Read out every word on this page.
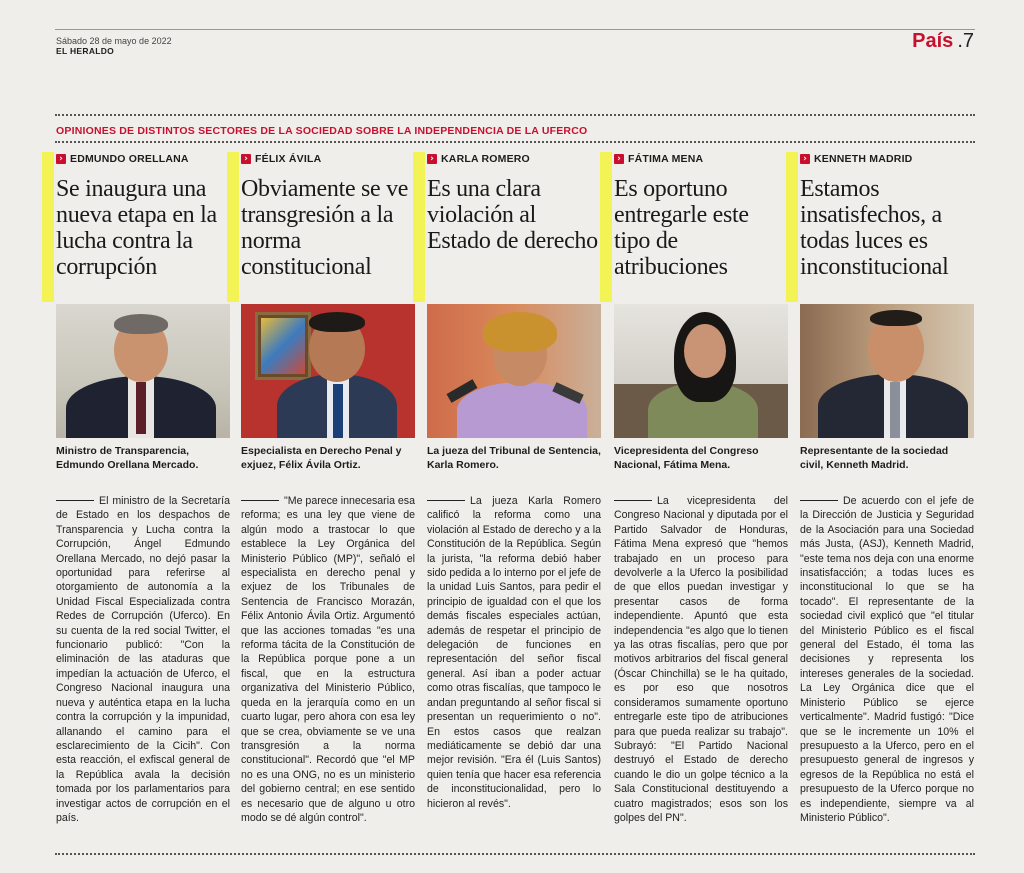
Sábado 28 de mayo de 2022
EL HERALDO	País .7
OPINIONES DE DISTINTOS SECTORES DE LA SOCIEDAD SOBRE LA INDEPENDENCIA DE LA UFERCO
› EDMUNDO ORELLANA
Se inaugura una nueva etapa en la lucha contra la corrupción
Ministro de Transparencia, Edmundo Orellana Mercado.
El ministro de la Secretaría de Estado en los despachos de Transparencia y Lucha contra la Corrupción, Ángel Edmundo Orellana Mercado, no dejó pasar la oportunidad para referirse al otorgamiento de autonomía a la Unidad Fiscal Especializada contra Redes de Corrupción (Uferco). En su cuenta de la red social Twitter, el funcionario publicó: "Con la eliminación de las ataduras que impedían la actuación de Uferco, el Congreso Nacional inaugura una nueva y auténtica etapa en la lucha contra la corrupción y la impunidad, allanando el camino para el esclarecimiento de la Cicih". Con esta reacción, el exfiscal general de la República avala la decisión tomada por los parlamentarios para investigar actos de corrupción en el país.
› FÉLIX ÁVILA
Obviamente se ve transgresión a la norma constitucional
Especialista en Derecho Penal y exjuez, Félix Ávila Ortiz.
"Me parece innecesaria esa reforma; es una ley que viene de algún modo a trastocar lo que establece la Ley Orgánica del Ministerio Público (MP)", señaló el especialista en derecho penal y exjuez de los Tribunales de Sentencia de Francisco Morazán, Félix Antonio Ávila Ortiz. Argumentó que las acciones tomadas "es una reforma tácita de la Constitución de la República porque pone a un fiscal, que en la estructura organizativa del Ministerio Público, queda en la jerarquía como en un cuarto lugar, pero ahora con esa ley que se crea, obviamente se ve una transgresión a la norma constitucional". Recordó que "el MP no es una ONG, no es un ministerio del gobierno central; en ese sentido es necesario que de alguno u otro modo se dé algún control".
› KARLA ROMERO
Es una clara violación al Estado de derecho
La jueza del Tribunal de Sentencia, Karla Romero.
La jueza Karla Romero calificó la reforma como una violación al Estado de derecho y a la Constitución de la República. Según la jurista, "la reforma debió haber sido pedida a lo interno por el jefe de la unidad Luis Santos, para pedir el principio de igualdad con el que los demás fiscales especiales actúan, además de respetar el principio de delegación de funciones en representación del señor fiscal general. Así iban a poder actuar como otras fiscalías, que tampoco le andan preguntando al señor fiscal si presentan un requerimiento o no". En estos casos que realzan mediáticamente se debió dar una mejor revisión. "Era él (Luis Santos) quien tenía que hacer esa referencia de inconstitucionalidad, pero lo hicieron al revés".
› FÁTIMA MENA
Es oportuno entregarle este tipo de atribuciones
Vicepresidenta del Congreso Nacional, Fátima Mena.
La vicepresidenta del Congreso Nacional y diputada por el Partido Salvador de Honduras, Fátima Mena expresó que "hemos trabajado en un proceso para devolverle a la Uferco la posibilidad de que ellos puedan investigar y presentar casos de forma independiente. Apuntó que esta independencia "es algo que lo tienen ya las otras fiscalías, pero que por motivos arbitrarios del fiscal general (Óscar Chinchilla) se le ha quitado, es por eso que nosotros consideramos sumamente oportuno entregarle este tipo de atribuciones para que pueda realizar su trabajo". Subrayó: "El Partido Nacional destruyó el Estado de derecho cuando le dio un golpe técnico a la Sala Constitucional destituyendo a cuatro magistrados; esos son los golpes del PN".
› KENNETH MADRID
Estamos insatisfechos, a todas luces es inconstitucional
Representante de la sociedad civil, Kenneth Madrid.
De acuerdo con el jefe de la Dirección de Justicia y Seguridad de la Asociación para una Sociedad más Justa, (ASJ), Kenneth Madrid, "este tema nos deja con una enorme insatisfacción; a todas luces es inconstitucional lo que se ha tocado". El representante de la sociedad civil explicó que "el titular del Ministerio Público es el fiscal general del Estado, él toma las decisiones y representa los intereses generales de la sociedad. La Ley Orgánica dice que el Ministerio Público se ejerce verticalmente". Madrid fustigó: "Dice que se le incremente un 10% el presupuesto a la Uferco, pero en el presupuesto general de ingresos y egresos de la República no está el presupuesto de la Uferco porque no es independiente, siempre va al Ministerio Público".
